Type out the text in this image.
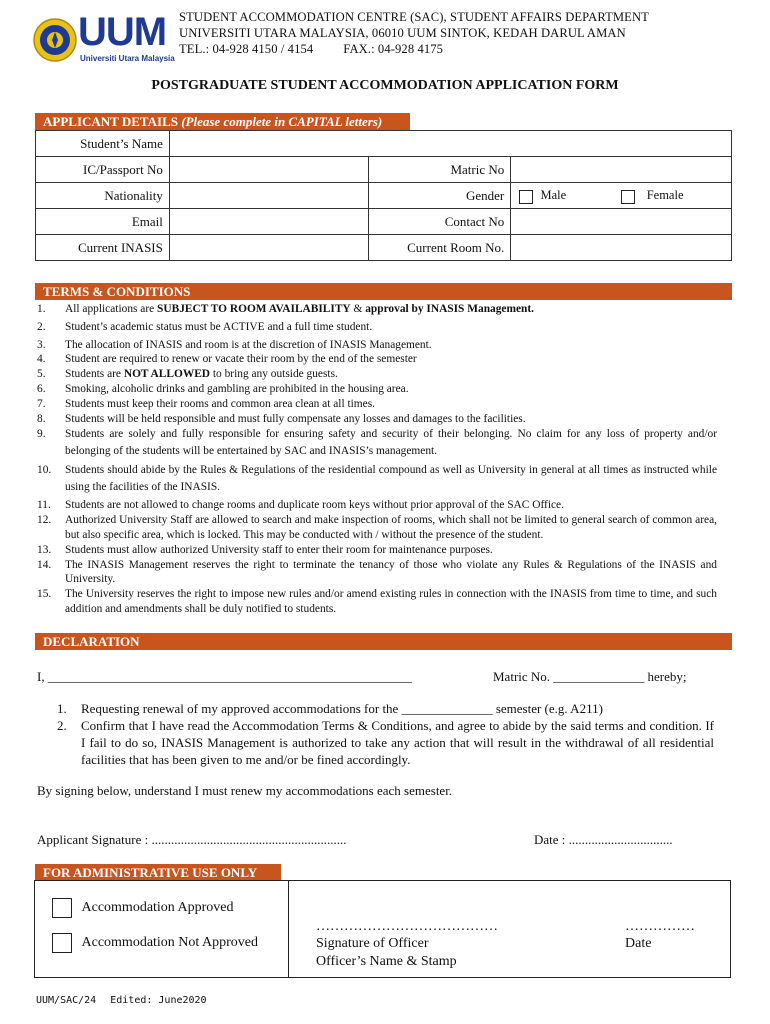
UUM
Universiti Utara Malaysia
STUDENT ACCOMMODATION CENTRE (SAC), STUDENT AFFAIRS DEPARTMENT
UNIVERSITI UTARA MALAYSIA, 06010 UUM SINTOK, KEDAH DARUL AMAN
TEL.: 04-928 4150 / 4154 FAX.: 04-928 4175
POSTGRADUATE STUDENT ACCOMMODATION APPLICATION FORM
APPLICANT DETAILS (Please complete in CAPITAL letters)
Student’s Name			
IC/Passport No		Matric No	
Nationality		Gender	Male Female
Email		Contact No	
Current INASIS		Current Room No.	
TERMS & CONDITIONS
1.	All applications are SUBJECT TO ROOM AVAILABILITY & approval by INASIS Management.
2.	Student’s academic status must be ACTIVE and a full time student.
3.	The allocation of INASIS and room is at the discretion of INASIS Management.
4.	Student are required to renew or vacate their room by the end of the semester
5.	Students are NOT ALLOWED to bring any outside guests.
6.	Smoking, alcoholic drinks and gambling are prohibited in the housing area.
7.	Students must keep their rooms and common area clean at all times.
8.	Students will be held responsible and must fully compensate any losses and damages to the facilities.
9.	Students are solely and fully responsible for ensuring safety and security of their belonging. No claim for any loss of property and/or belonging of the students will be entertained by SAC and INASIS’s management.
10.	Students should abide by the Rules & Regulations of the residential compound as well as University in general at all times as instructed while using the facilities of the INASIS.
11.	Students are not allowed to change rooms and duplicate room keys without prior approval of the SAC Office.
12.	Authorized University Staff are allowed to search and make inspection of rooms, which shall not be limited to general search of common area, but also specific area, which is locked. This may be conducted with / without the presence of the student.
13.	Students must allow authorized University staff to enter their room for maintenance purposes.
14.	The INASIS Management reserves the right to terminate the tenancy of those who violate any Rules & Regulations of the INASIS and University.
15.	The University reserves the right to impose new rules and/or amend existing rules in connection with the INASIS from time to time, and such addition and amendments shall be duly notified to students.
DECLARATION
I, ________________________________________________________	Matric No. ______________ hereby;
1.	Requesting renewal of my approved accommodations for the ______________ semester (e.g. A211)
2.	Confirm that I have read the Accommodation Terms & Conditions, and agree to abide by the said terms and condition. If I fail to do so, INASIS Management is authorized to take any action that will result in the withdrawal of all residential facilities that has been given to me and/or be fined accordingly.
By signing below, understand I must renew my accommodations each semester.
Applicant Signature : ............................................................	Date : ................................
FOR ADMINISTRATIVE USE ONLY
Accommodation Approved
Accommodation Not Approved
…………………………………
Signature of Officer
Officer’s Name & Stamp
……………
Date
UUM/SAC/24 Edited: June2020
